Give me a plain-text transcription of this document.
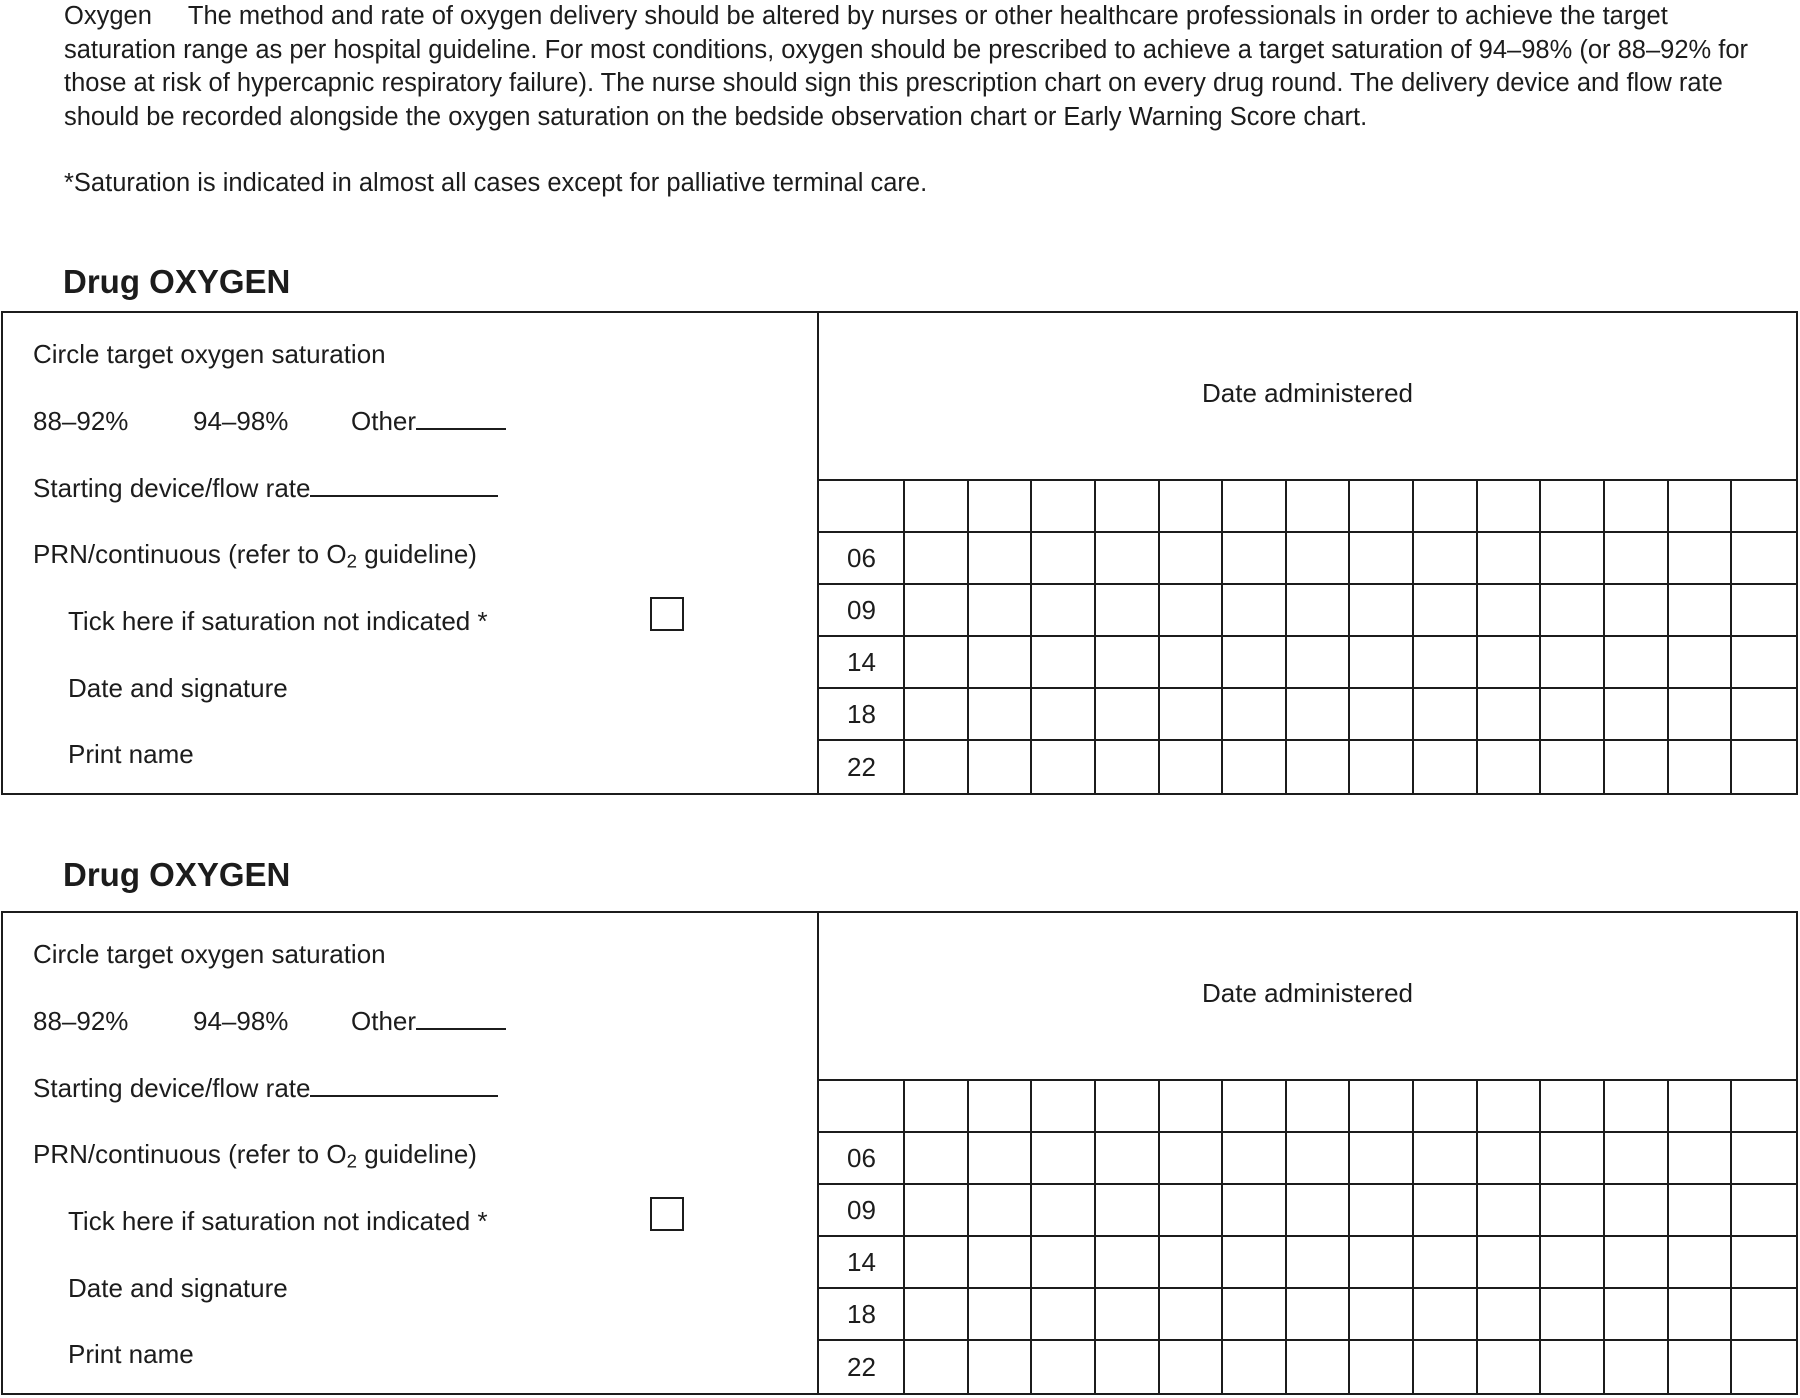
Oxygen The method and rate of oxygen delivery should be altered by nurses or other healthcare professionals in order to achieve the target saturation range as per hospital guideline. For most conditions, oxygen should be prescribed to achieve a target saturation of 94–98% (or 88–92% for those at risk of hypercapnic respiratory failure). The nurse should sign this prescription chart on every drug round. The delivery device and flow rate should be recorded alongside the oxygen saturation on the bedside observation chart or Early Warning Score chart.

*Saturation is indicated in almost all cases except for palliative terminal care.

Drug OXYGEN
Circle target oxygen saturation
88–92% 94–98% Other
Starting device/flow rate
PRN/continuous (refer to $O_2$ guideline)
Tick here if saturation not indicated *
Date and signature
Print name
Date administered
06
09
14
18
22
Drug OXYGEN
Circle target oxygen saturation
88–92% 94–98% Other
Starting device/flow rate
PRN/continuous (refer to $O_2$ guideline)
Tick here if saturation not indicated *
Date and signature
Print name
Date administered
06
09
14
18
22
